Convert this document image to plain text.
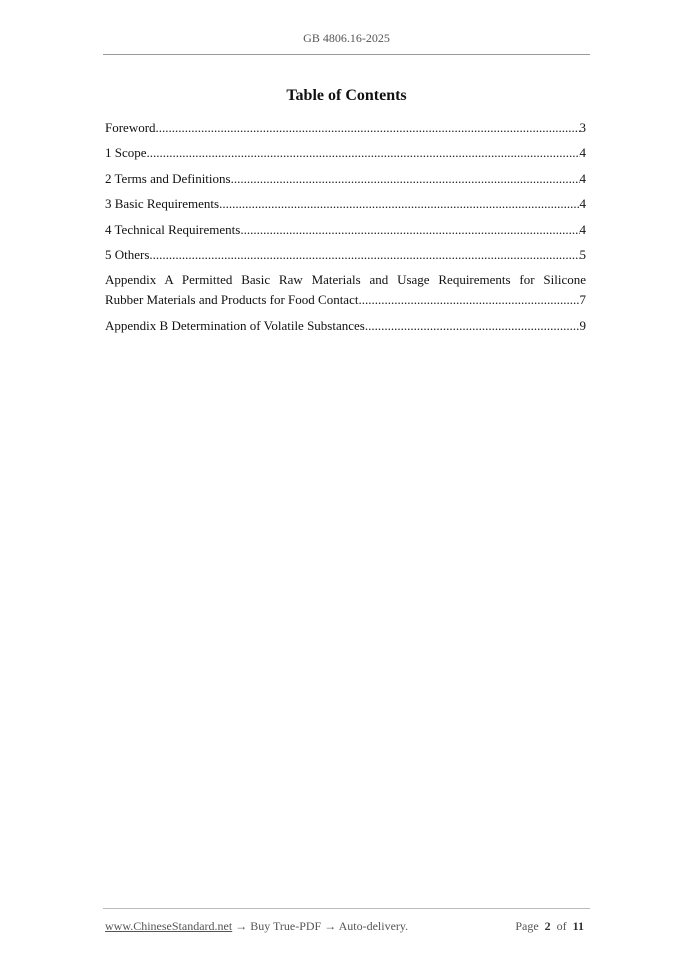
GB 4806.16-2025
Table of Contents
Foreword .....	3
1 Scope .....	4
2 Terms and Definitions .....	4
3 Basic Requirements .....	4
4 Technical Requirements .....	4
5 Others .....	5
Appendix A Permitted Basic Raw Materials and Usage Requirements for Silicone
Rubber Materials and Products for Food Contact .....	7
Appendix B Determination of Volatile Substances .....	9
www.ChineseStandard.net → Buy True-PDF → Auto-delivery.	Page 2 of 11
